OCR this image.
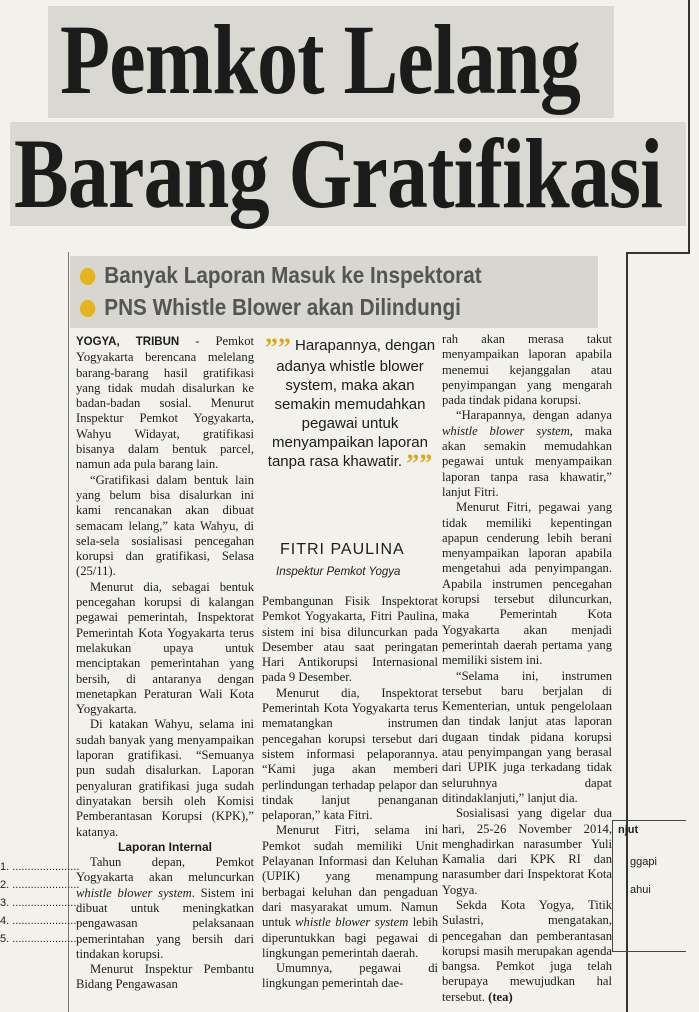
Pemkot Lelang
Barang Gratifikasi
Banyak Laporan Masuk ke Inspektorat
PNS Whistle Blower akan Dilindungi

YOGYA, TRIBUN - Pemkot Yogyakarta berencana melelang barang-barang hasil gratifikasi yang tidak mudah disalurkan ke badan-badan sosial. Menurut Inspektur Pemkot Yogyakarta, Wahyu Widayat, gratifikasi bisanya dalam bentuk parcel, namun ada pula barang lain.

“Gratifikasi dalam bentuk lain yang belum bisa disalurkan ini kami rencanakan akan dibuat semacam lelang,” kata Wahyu, di sela-sela sosialisasi pencegahan korupsi dan gratifikasi, Selasa (25/11).

Menurut dia, sebagai bentuk pencegahan korupsi di kalangan pegawai pemerintah, Inspektorat Pemerintah Kota Yogyakarta terus melakukan upaya untuk menciptakan pemerintahan yang bersih, di antaranya dengan menetapkan Peraturan Wali Kota Yogyakarta.

Di katakan Wahyu, selama ini sudah banyak yang menyampaikan laporan gratifikasi. “Semuanya pun sudah disalurkan. Laporan penyaluran gratifikasi juga sudah dinyatakan bersih oleh Komisi Pemberantasan Korupsi (KPK),” katanya.

Laporan Internal

Tahun depan, Pemkot Yogyakarta akan meluncurkan whistle blower system. Sistem ini dibuat untuk meningkatkan pengawasan pelaksanaan pemerintahan yang bersih dari tindakan korupsi.

Menurut Inspektur Pembantu Bidang Pengawasan

”” Harapannya, dengan adanya whistle blower system, maka akan semakin memudahkan pegawai untuk menyampaikan laporan tanpa rasa khawatir. ””
FITRI PAULINA
Inspektur Pemkot Yogya

Pembangunan Fisik Inspektorat Pemkot Yogyakarta, Fitri Paulina, sistem ini bisa diluncurkan pada Desember atau saat peringatan Hari Antikorupsi Internasional pada 9 Desember.

Menurut dia, Inspektorat Pemerintah Kota Yogyakarta terus mematangkan instrumen pencegahan korupsi tersebut dari sistem informasi pelaporannya. “Kami juga akan memberi perlindungan terhadap pelapor dan tindak lanjut penanganan pelaporan,” kata Fitri.

Menurut Fitri, selama ini Pemkot sudah memiliki Unit Pelayanan Informasi dan Keluhan (UPIK) yang menampung berbagai keluhan dan pengaduan dari masyarakat umum. Namun untuk whistle blower system lebih diperuntukkan bagi pegawai di lingkungan pemerintah daerah.

Umumnya, pegawai di lingkungan pemerintah dae-

rah akan merasa takut menyampaikan laporan apabila menemui kejanggalan atau penyimpangan yang mengarah pada tindak pidana korupsi.

“Harapannya, dengan adanya whistle blower system, maka akan semakin memudahkan pegawai untuk menyampaikan laporan tanpa rasa khawatir,” lanjut Fitri.

Menurut Fitri, pegawai yang tidak memiliki kepentingan apapun cenderung lebih berani menyampaikan laporan apabila mengetahui ada penyimpangan. Apabila instrumen pencegahan korupsi tersebut diluncurkan, maka Pemerintah Kota Yogyakarta akan menjadi pemerintah daerah pertama yang memiliki sistem ini.

“Selama ini, instrumen tersebut baru berjalan di Kementerian, untuk pengelolaan dan tindak lanjut atas laporan dugaan tindak pidana korupsi atau penyimpangan yang berasal dari UPIK juga terkadang tidak seluruhnya dapat ditindaklanjuti,” lanjut dia.

Sosialisasi yang digelar dua hari, 25-26 November 2014, menghadirkan narasumber Yuli Kamalia dari KPK RI dan narasumber dari Inspektorat Kota Yogya.

Sekda Kota Yogya, Titik Sulastri, mengatakan, pencegahan dan pemberantasan korupsi masih merupakan agenda bangsa. Pemkot juga telah berupaya mewujudkan hal tersebut. (tea)

1. ......................
2. ......................
3. ......................
4. ......................
5. ......................
njut
ggapi
ahui
